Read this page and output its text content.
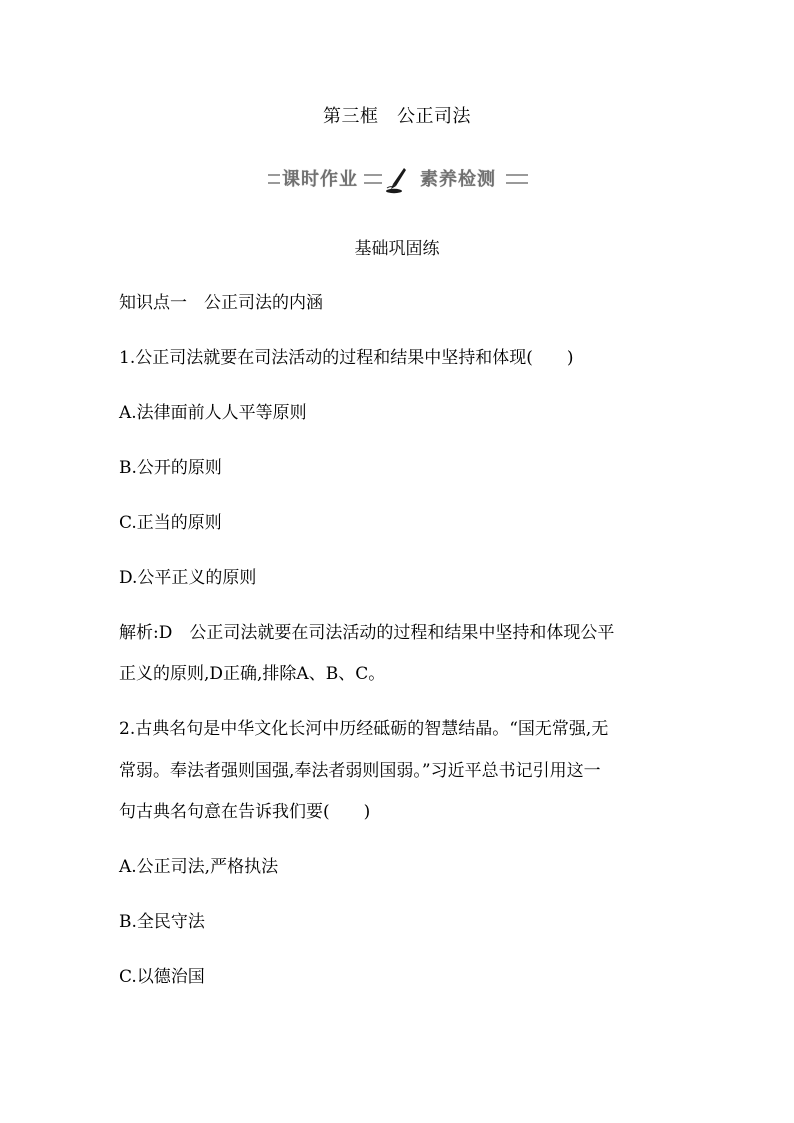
第三框　公正司法
课时作业	素养检测
基础巩固练
知识点一　公正司法的内涵
1.公正司法就要在司法活动的过程和结果中坚持和体现(　　)
A.法律面前人人平等原则
B.公开的原则
C.正当的原则
D.公平正义的原则
解析:D　公正司法就要在司法活动的过程和结果中坚持和体现公平
正义的原则,D正确,排除A、B、C。
2.古典名句是中华文化长河中历经砥砺的智慧结晶。“国无常强,无
常弱。奉法者强则国强,奉法者弱则国弱。”习近平总书记引用这一
句古典名句意在告诉我们要(　　)
A.公正司法,严格执法
B.全民守法
C.以德治国
